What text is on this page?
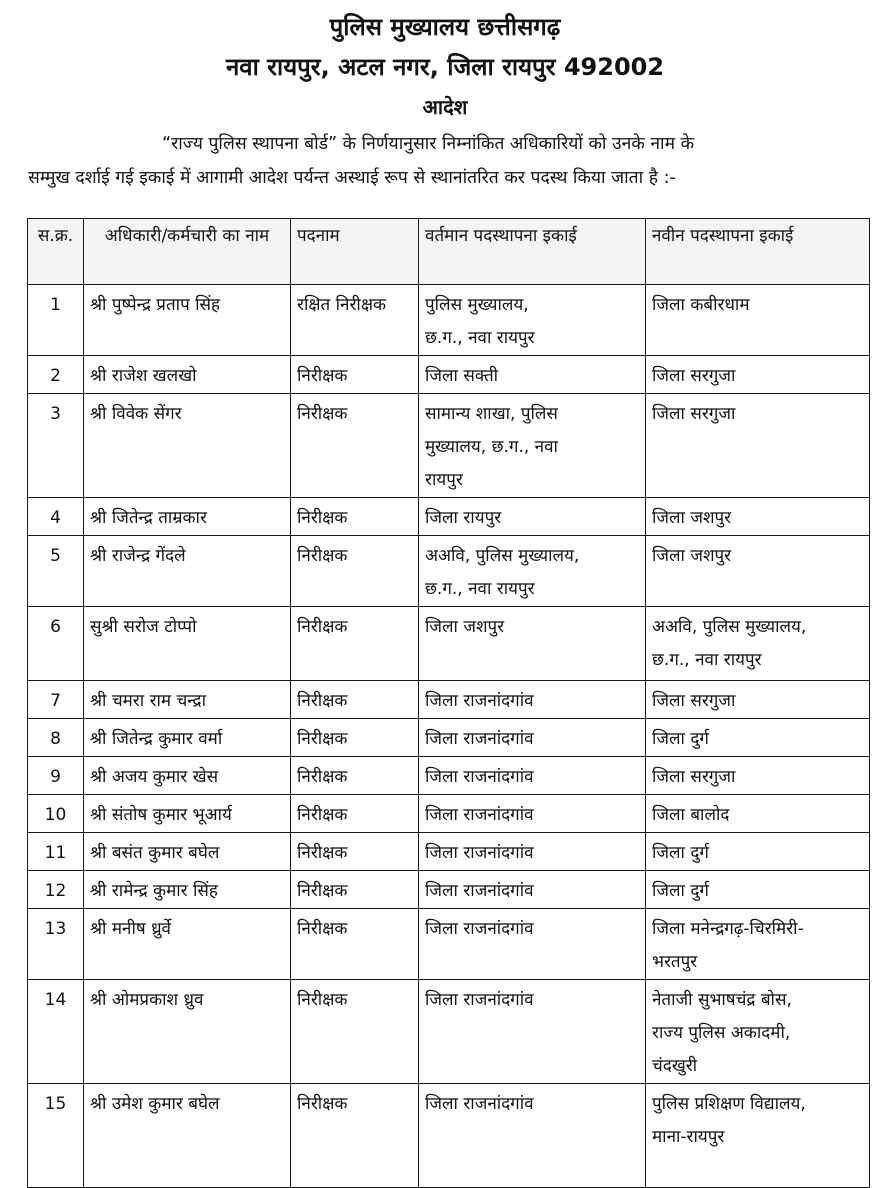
पुलिस मुख्यालय छत्तीसगढ़
नवा रायपुर, अटल नगर, जिला रायपुर 492002
आदेश
“राज्य पुलिस स्थापना बोर्ड” के निर्णयानुसार निम्नांकित अधिकारियों को उनके नाम के
सम्मुख दर्शाई गई इकाई में आगामी आदेश पर्यन्त अस्थाई रूप से स्थानांतरित कर पदस्थ किया जाता है :-
स.क्र.	अधिकारी/कर्मचारी का नाम	पदनाम	वर्तमान पदस्थापना इकाई	नवीन पदस्थापना इकाई
1	श्री पुष्पेन्द्र प्रताप सिंह	रक्षित निरीक्षक	पुलिस मुख्यालय,
छ.ग., नवा रायपुर	जिला कबीरधाम

2	श्री राजेश खलखो	निरीक्षक	जिला सक्ती	जिला सरगुजा

3	श्री विवेक सेंगर	निरीक्षक	सामान्य शाखा, पुलिस
मुख्यालय, छ.ग., नवा
रायपुर	जिला सरगुजा

4	श्री जितेन्द्र ताम्रकार	निरीक्षक	जिला रायपुर	जिला जशपुर

5	श्री राजेन्द्र गेंदले	निरीक्षक	अअवि, पुलिस मुख्यालय,
छ.ग., नवा रायपुर	जिला जशपुर

6	सुश्री सरोज टोप्पो	निरीक्षक	जिला जशपुर	अअवि, पुलिस मुख्यालय,
छ.ग., नवा रायपुर

7	श्री चमरा राम चन्द्रा	निरीक्षक	जिला राजनांदगांव	जिला सरगुजा

8	श्री जितेन्द्र कुमार वर्मा	निरीक्षक	जिला राजनांदगांव	जिला दुर्ग

9	श्री अजय कुमार खेस	निरीक्षक	जिला राजनांदगांव	जिला सरगुजा

10	श्री संतोष कुमार भूआर्य	निरीक्षक	जिला राजनांदगांव	जिला बालोद

11	श्री बसंत कुमार बघेल	निरीक्षक	जिला राजनांदगांव	जिला दुर्ग

12	श्री रामेन्द्र कुमार सिंह	निरीक्षक	जिला राजनांदगांव	जिला दुर्ग

13	श्री मनीष ध्रुर्वे	निरीक्षक	जिला राजनांदगांव	जिला मनेन्द्रगढ़-चिरमिरी-
भरतपुर

14	श्री ओमप्रकाश ध्रुव	निरीक्षक	जिला राजनांदगांव	नेताजी सुभाषचंद्र बोस,
राज्य पुलिस अकादमी,
चंदखुरी

15	श्री उमेश कुमार बघेल	निरीक्षक	जिला राजनांदगांव	पुलिस प्रशिक्षण विद्यालय,
माना-रायपुर
